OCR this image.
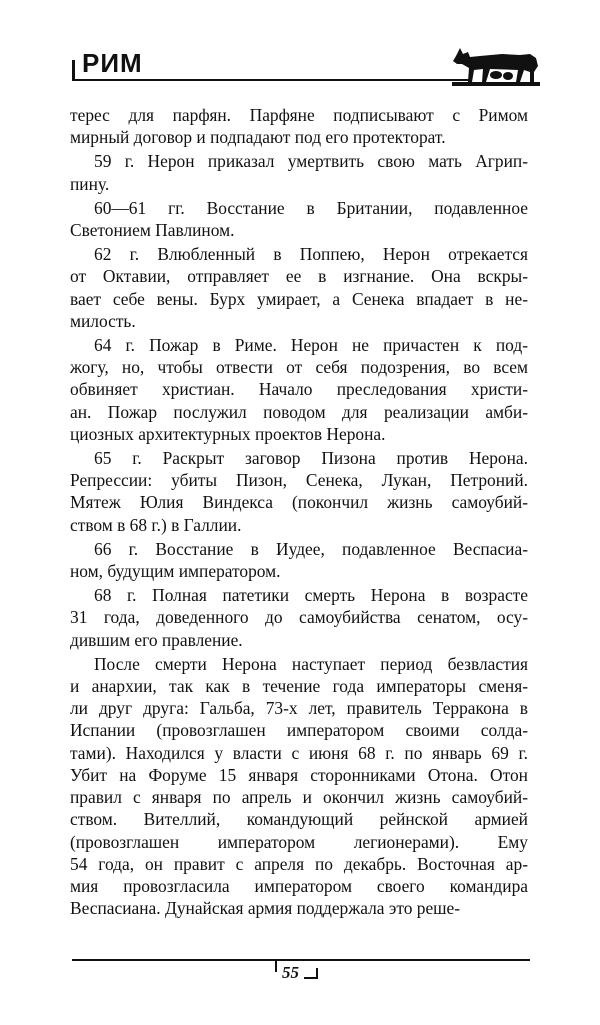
РИМ
терес для парфян. Парфяне подписывают с Римом
мирный договор и подпадают под его протекторат.
59 г. Нерон приказал умертвить свою мать Агрип-
пину.
60—61 гг. Восстание в Британии, подавленное
Светонием Павлином.
62 г. Влюбленный в Поппею, Нерон отрекается
от Октавии, отправляет ее в изгнание. Она вскры-
вает себе вены. Бурх умирает, а Сенека впадает в не-
милость.
64 г. Пожар в Риме. Нерон не причастен к под-
жогу, но, чтобы отвести от себя подозрения, во всем
обвиняет христиан. Начало преследования христи-
ан. Пожар послужил поводом для реализации амби-
циозных архитектурных проектов Нерона.
65 г. Раскрыт заговор Пизона против Нерона.
Репрессии: убиты Пизон, Сенека, Лукан, Петроний.
Мятеж Юлия Виндекса (покончил жизнь самоубий-
ством в 68 г.) в Галлии.
66 г. Восстание в Иудее, подавленное Веспасиа-
ном, будущим императором.
68 г. Полная патетики смерть Нерона в возрасте
31 года, доведенного до самоубийства сенатом, осу-
дившим его правление.
После смерти Нерона наступает период безвластия
и анархии, так как в течение года императоры сменя-
ли друг друга: Гальба, 73-х лет, правитель Терракона в
Испании (провозглашен императором своими солда-
тами). Находился у власти с июня 68 г. по январь 69 г.
Убит на Форуме 15 января сторонниками Отона. Отон
правил с января по апрель и окончил жизнь самоубий-
ством. Вителлий, командующий рейнской армией
(провозглашен императором легионерами). Ему
54 года, он правит с апреля по декабрь. Восточная ар-
мия провозгласила императором своего командира
Веспасиана. Дунайская армия поддержала это реше-
55
